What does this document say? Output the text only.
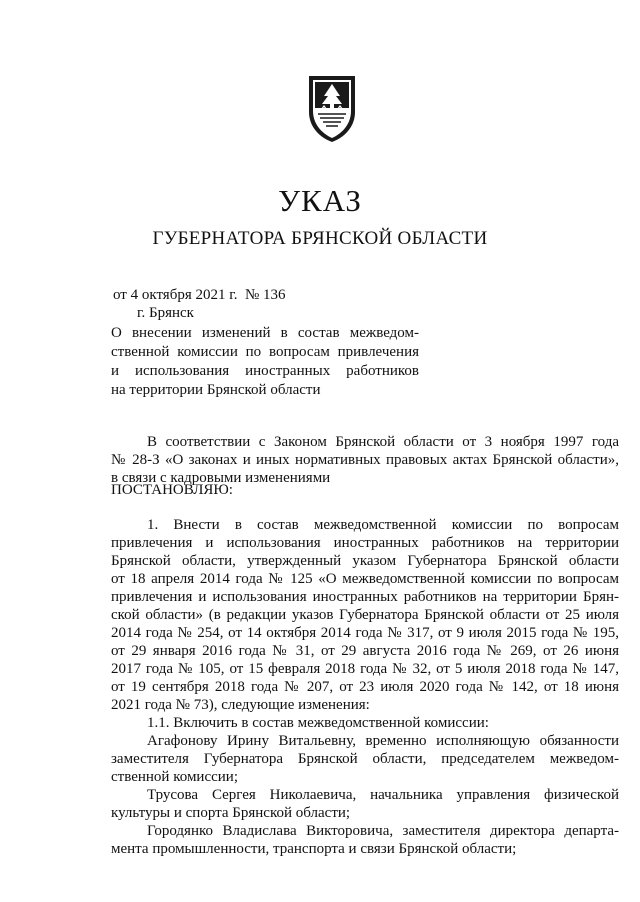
УКАЗ
ГУБЕРНАТОРА БРЯНСКОЙ ОБЛАСТИ
от 4 октября 2021 г.  № 136
г. Брянск
О внесении изменений в состав межведом-
ственной комиссии по вопросам привлечения
и использования иностранных работников
на территории Брянской области
В соответствии с Законом Брянской области от 3 ноября 1997 года
№ 28-З «О законах и иных нормативных правовых актах Брянской области»,
в связи с кадровыми изменениями
ПОСТАНОВЛЯЮ:
1. Внести в состав межведомственной комиссии по вопросам
привлечения и использования иностранных работников на территории
Брянской области, утвержденный указом Губернатора Брянской области
от 18 апреля 2014 года № 125 «О межведомственной комиссии по вопросам
привлечения и использования иностранных работников на территории Брян-
ской области» (в редакции указов Губернатора Брянской области от 25 июля
2014 года № 254, от 14 октября 2014 года № 317, от 9 июля 2015 года № 195,
от 29 января 2016 года № 31, от 29 августа 2016 года № 269, от 26 июня
2017 года № 105, от 15 февраля 2018 года № 32, от 5 июля 2018 года № 147,
от 19 сентября 2018 года № 207, от 23 июля 2020 года № 142, от 18 июня
2021 года № 73), следующие изменения:
1.1. Включить в состав межведомственной комиссии:
Агафонову Ирину Витальевну, временно исполняющую обязанности
заместителя Губернатора Брянской области, председателем межведом-
ственной комиссии;
Трусова Сергея Николаевича, начальника управления физической
культуры и спорта Брянской области;
Городянко Владислава Викторовича, заместителя директора департа-
мента промышленности, транспорта и связи Брянской области;
